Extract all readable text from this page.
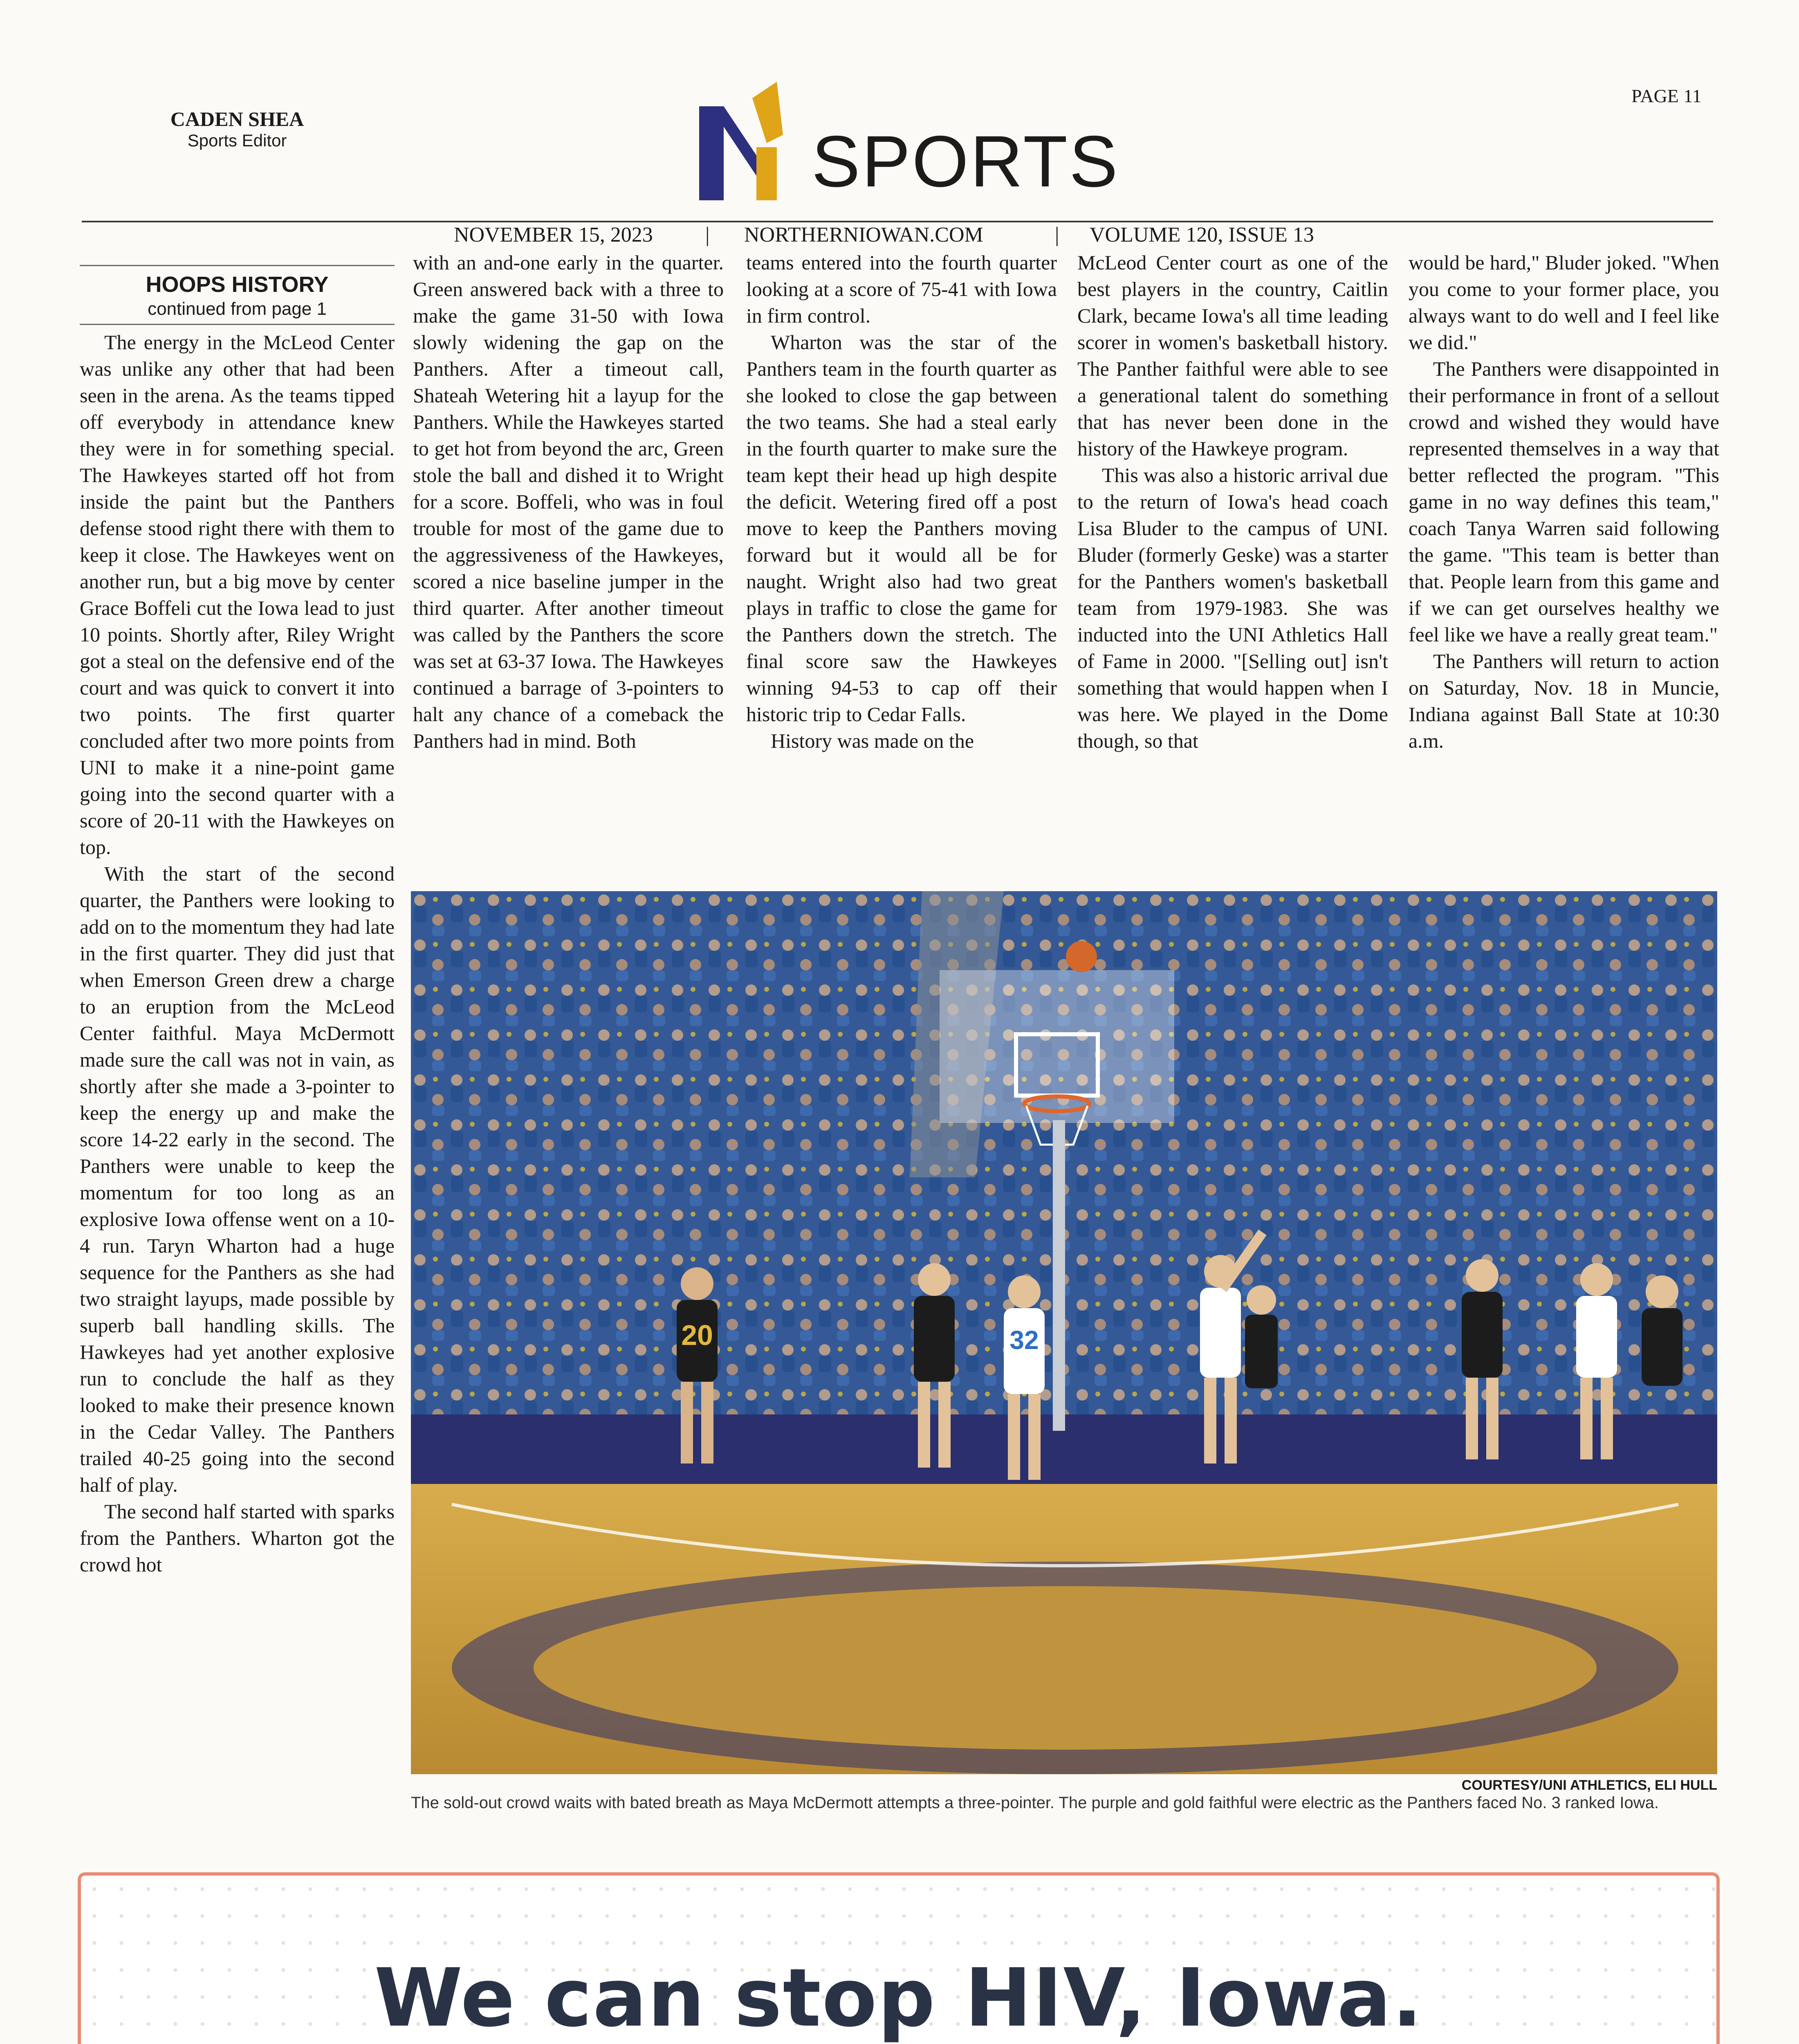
CADEN SHEA
Sports Editor	SPORTS
PAGE 11
NOVEMBER 15, 2023 | NORTHERNIOWAN.COM	| VOLUME 120, ISSUE 13
HOOPS HISTORY
continued from page 1

The energy in the McLeod Center was unlike any other that had been seen in the arena. As the teams tipped off everybody in attendance knew they were in for something special. The Hawkeyes started off hot from inside the paint but the Panthers defense stood right there with them to keep it close. The Hawkeyes went on another run, but a big move by center Grace Boffeli cut the Iowa lead to just 10 points. Shortly after, Riley Wright got a steal on the defensive end of the court and was quick to convert it into two points. The first quarter concluded after two more points from UNI to make it a nine-point game going into the second quarter with a score of 20-11 with the Hawkeyes on top.

With the start of the second quarter, the Panthers were looking to add on to the momentum they had late in the first quarter. They did just that when Emerson Green drew a charge to an eruption from the McLeod Center faithful. Maya McDermott made sure the call was not in vain, as shortly after she made a 3-pointer to keep the energy up and make the score 14-22 early in the second. The Panthers were unable to keep the momentum for too long as an explosive Iowa offense went on a 10-4 run. Taryn Wharton had a huge sequence for the Panthers as she had two straight layups, made possible by superb ball handling skills. The Hawkeyes had yet another explosive run to conclude the half as they looked to make their presence known in the Cedar Valley. The Panthers trailed 40-25 going into the second half of play.

The second half started with sparks from the Panthers. Wharton got the crowd hot

with an and-one early in the quarter. Green answered back with a three to make the game 31-50 with Iowa slowly widening the gap on the Panthers. After a timeout call, Shateah Wetering hit a layup for the Panthers. While the Hawkeyes started to get hot from beyond the arc, Green stole the ball and dished it to Wright for a score. Boffeli, who was in foul trouble for most of the game due to the aggressiveness of the Hawkeyes, scored a nice baseline jumper in the third quarter. After another timeout was called by the Panthers the score was set at 63-37 Iowa. The Hawkeyes continued a barrage of 3-pointers to halt any chance of a comeback the Panthers had in mind. Both

teams entered into the fourth quarter looking at a score of 75-41 with Iowa in firm control.

Wharton was the star of the Panthers team in the fourth quarter as she looked to close the gap between the two teams. She had a steal early in the fourth quarter to make sure the team kept their head up high despite the deficit. Wetering fired off a post move to keep the Panthers moving forward but it would all be for naught. Wright also had two great plays in traffic to close the game for the Panthers down the stretch. The final score saw the Hawkeyes winning 94-53 to cap off their historic trip to Cedar Falls.

History was made on the

McLeod Center court as one of the best players in the country, Caitlin Clark, became Iowa's all time leading scorer in women's basketball history. The Panther faithful were able to see a generational talent do something that has never been done in the history of the Hawkeye program.

This was also a historic arrival due to the return of Iowa's head coach Lisa Bluder to the campus of UNI. Bluder (formerly Geske) was a starter for the Panthers women's basketball team from 1979-1983. She was inducted into the UNI Athletics Hall of Fame in 2000. "[Selling out] isn't something that would happen when I was here. We played in the Dome though, so that

would be hard," Bluder joked. "When you come to your former place, you always want to do well and I feel like we did."

The Panthers were disappointed in their performance in front of a sellout crowd and wished they would have represented themselves in a way that better reflected the program. "This game in no way defines this team," coach Tanya Warren said following the game. "This team is better than that. People learn from this game and if we can get ourselves healthy we feel like we have a really great team."

The Panthers will return to action on Saturday, Nov. 18 in Muncie, Indiana against Ball State at 10:30 a.m.

20	32
COURTESY/UNI ATHLETICS, ELI HULL
The sold-out crowd waits with bated breath as Maya McDermott attempts a three-pointer. The purple and gold faithful were electric as the Panthers faced No. 3 ranked Iowa.
We can stop HIV, Iowa.
